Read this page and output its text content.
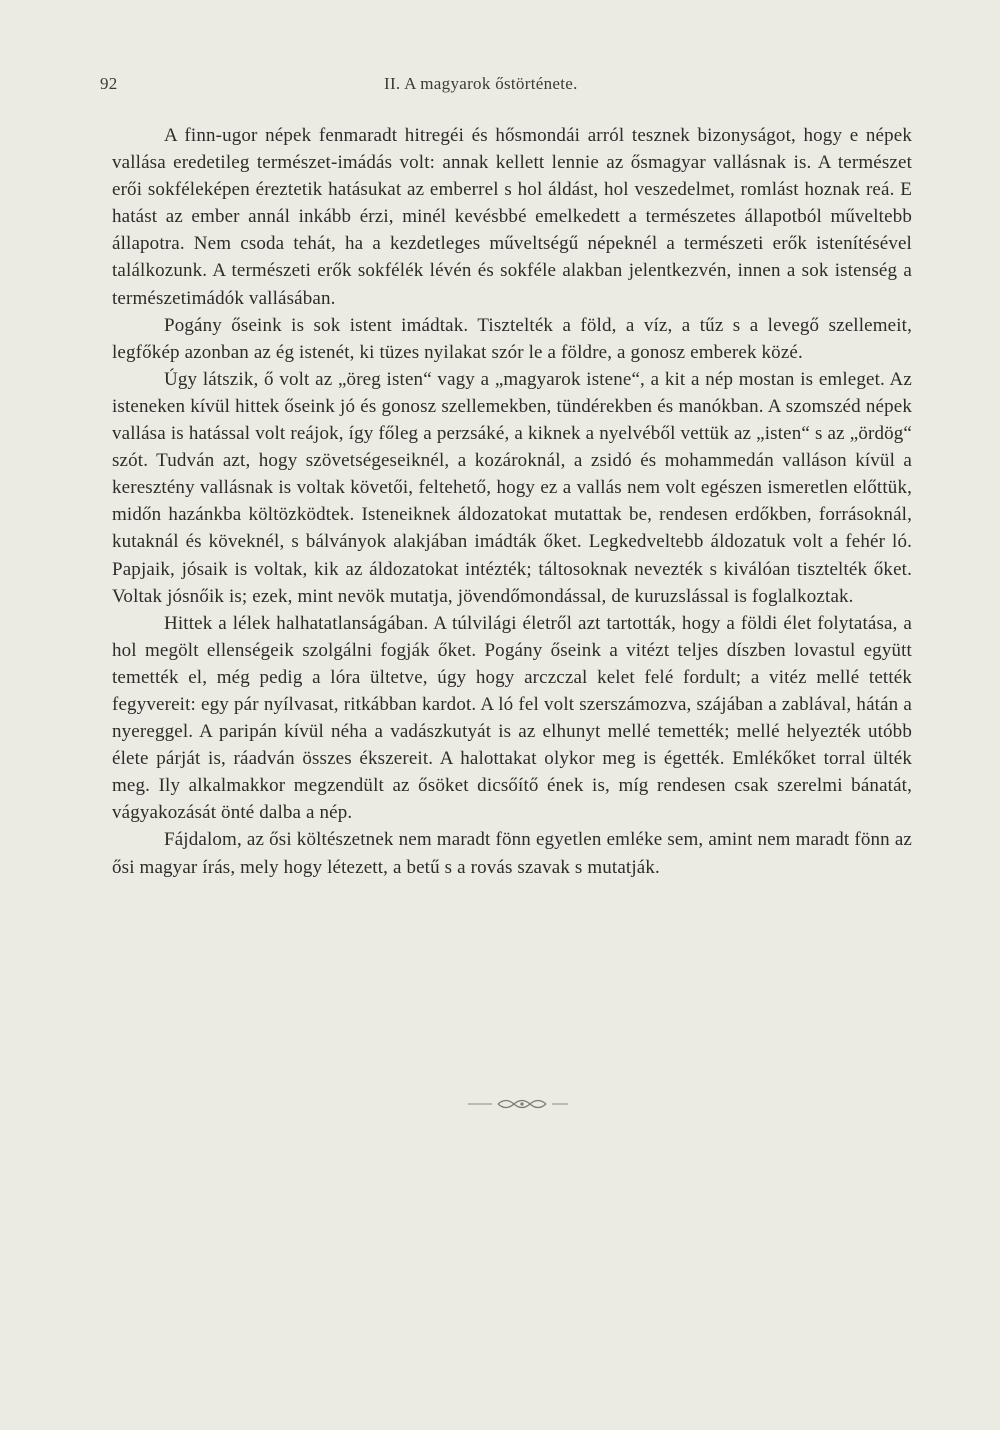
92	II. A magyarok őstörténete.

A finn-ugor népek fenmaradt hitregéi és hősmondái arról tesznek bizonyságot, hogy e népek vallása eredetileg természet-imádás volt: annak kellett lennie az ősmagyar vallásnak is. A természet erői sokféleképen éreztetik hatásukat az emberrel s hol áldást, hol veszedelmet, romlást hoznak reá. E hatást az ember annál inkább érzi, minél kevésbbé emelkedett a természetes állapotból műveltebb állapotra. Nem csoda tehát, ha a kezdetleges műveltségű népeknél a természeti erők istenítésével találkozunk. A természeti erők sokfélék lévén és sokféle alakban jelentkezvén, innen a sok istenség a természetimádók vallásában.

Pogány őseink is sok istent imádtak. Tisztelték a föld, a víz, a tűz s a levegő szellemeit, legfőkép azonban az ég istenét, ki tüzes nyilakat szór le a földre, a gonosz emberek közé.

Úgy látszik, ő volt az „öreg isten“ vagy a „magyarok istene“, a kit a nép mostan is emleget. Az isteneken kívül hittek őseink jó és gonosz szellemekben, tündérekben és manókban. A szomszéd népek vallása is hatással volt reájok, így főleg a perzsáké, a kiknek a nyelvéből vettük az „isten“ s az „ördög“ szót. Tudván azt, hogy szövetségeseiknél, a kozároknál, a zsidó és mohammedán valláson kívül a keresztény vallásnak is voltak követői, feltehető, hogy ez a vallás nem volt egészen ismeretlen előttük, midőn hazánkba költözködtek. Isteneiknek áldozatokat mutattak be, rendesen erdőkben, forrásoknál, kutaknál és köveknél, s bálványok alakjában imádták őket. Legkedveltebb áldozatuk volt a fehér ló. Papjaik, jósaik is voltak, kik az áldozatokat intézték; táltosoknak nevezték s kiválóan tisztelték őket. Voltak jósnőik is; ezek, mint nevök mutatja, jövendőmondással, de kuruzslással is foglalkoztak.

Hittek a lélek halhatatlanságában. A túlvilági életről azt tartották, hogy a földi élet folytatása, a hol megölt ellenségeik szolgálni fogják őket. Pogány őseink a vitézt teljes díszben lovastul együtt temették el, még pedig a lóra ültetve, úgy hogy arczczal kelet felé fordult; a vitéz mellé tették fegyvereit: egy pár nyílvasat, ritkábban kardot. A ló fel volt szerszámozva, szájában a zablával, hátán a nyereggel. A paripán kívül néha a vadászkutyát is az elhunyt mellé temették; mellé helyezték utóbb élete párját is, ráadván összes ékszereit. A halottakat olykor meg is égették. Emlékőket torral ülték meg. Ily alkalmakkor megzendült az ősöket dicsőítő ének is, míg rendesen csak szerelmi bánatát, vágyakozását önté dalba a nép.

Fájdalom, az ősi költészetnek nem maradt fönn egyetlen emléke sem, amint nem maradt fönn az ősi magyar írás, mely hogy létezett, a betű s a rovás szavak s mutatják.
